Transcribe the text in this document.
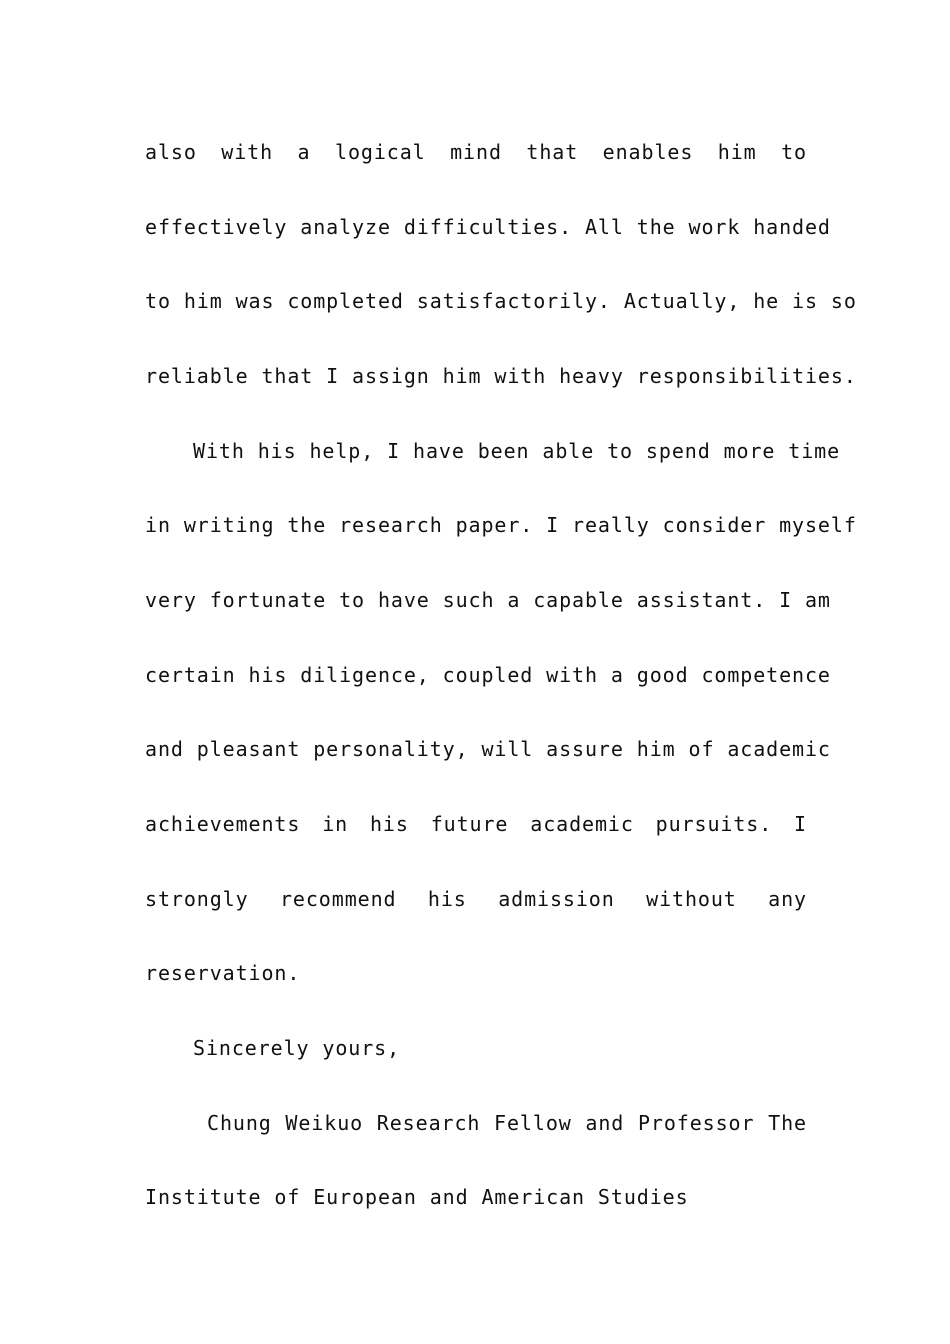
also with a logical mind that enables him to
effectively analyze difficulties. All the work handed
to him was completed satisfactorily. Actually, he is so
reliable that I assign him with heavy responsibilities.
With his help, I have been able to spend more time
in writing the research paper. I really consider myself
very fortunate to have such a capable assistant. I am
certain his diligence, coupled with a good competence
and pleasant personality, will assure him of academic
achievements in his future academic pursuits. I
strongly recommend his admission without any
reservation.
Sincerely yours,
Chung Weikuo Research Fellow and Professor The
Institute of European and American Studies
